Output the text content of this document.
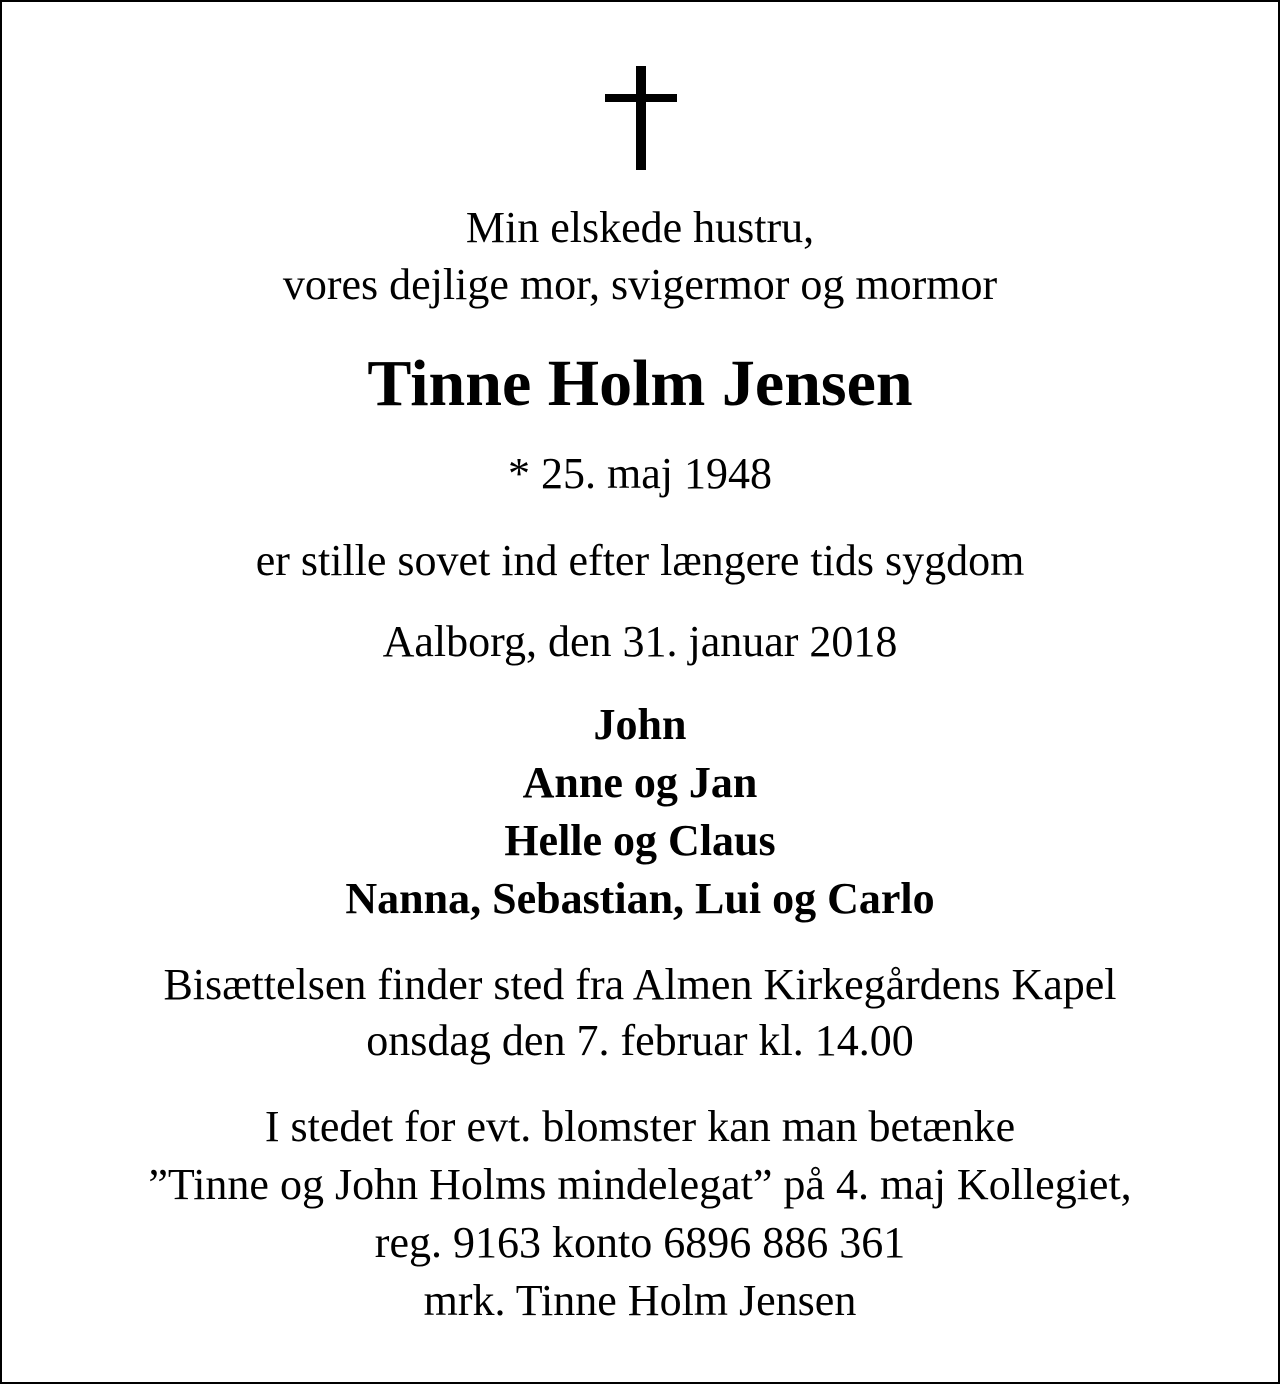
Min elskede hustru,
vores dejlige mor, svigermor og mormor
Tinne Holm Jensen
* 25. maj 1948
er stille sovet ind efter længere tids sygdom
Aalborg, den 31. januar 2018
John
Anne og Jan
Helle og Claus
Nanna, Sebastian, Lui og Carlo
Bisættelsen finder sted fra Almen Kirkegårdens Kapel
onsdag den 7. februar kl. 14.00
I stedet for evt. blomster kan man betænke
”Tinne og John Holms mindelegat” på 4. maj Kollegiet,
reg. 9163 konto 6896 886 361
mrk. Tinne Holm Jensen
